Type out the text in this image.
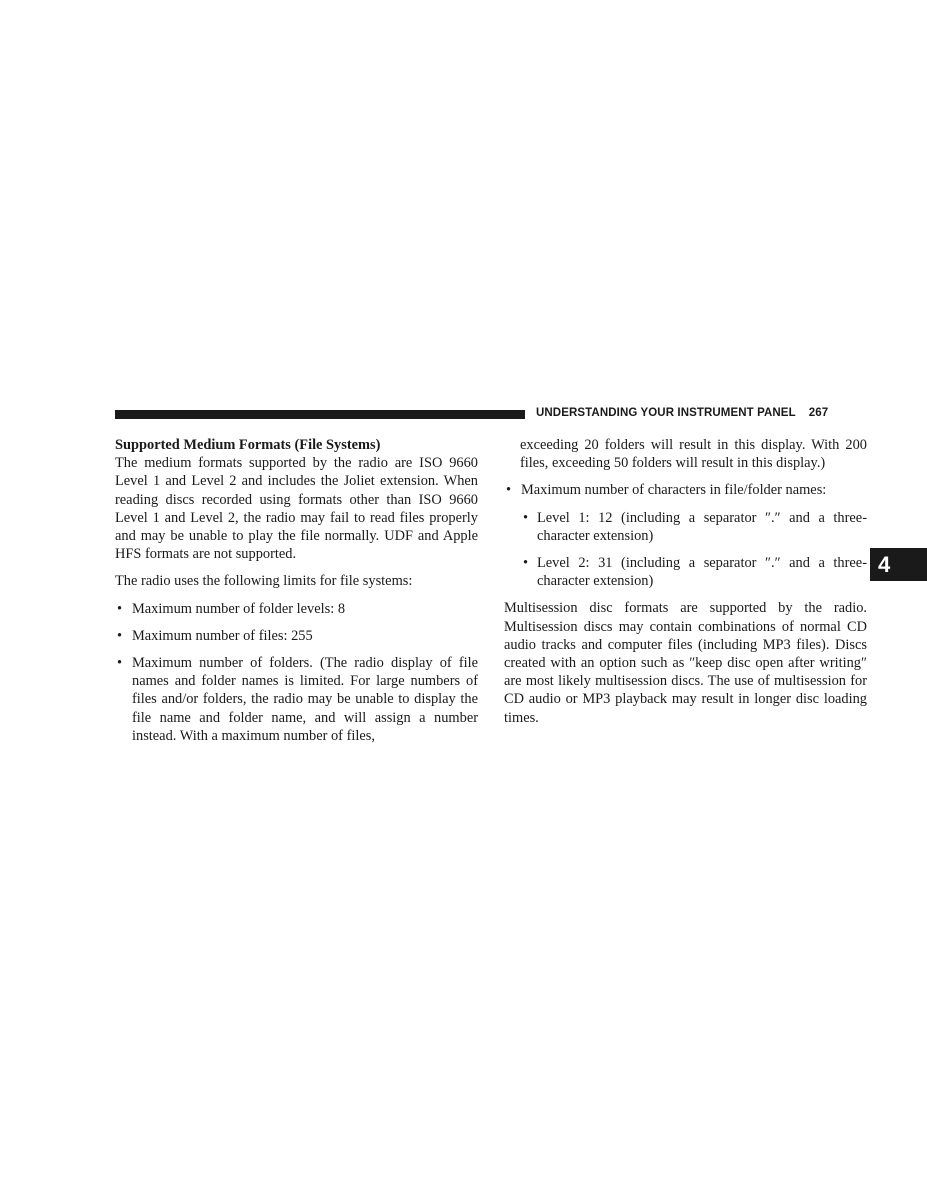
UNDERSTANDING YOUR INSTRUMENT PANEL 267
4

Supported Medium Formats (File Systems)

The medium formats supported by the radio are ISO 9660 Level 1 and Level 2 and includes the Joliet extension. When reading discs recorded using formats other than ISO 9660 Level 1 and Level 2, the radio may fail to read files properly and may be unable to play the file normally. UDF and Apple HFS formats are not supported.

The radio uses the following limits for file systems:

• Maximum number of folder levels: 8
• Maximum number of files: 255
• Maximum number of folders. (The radio display of file names and folder names is limited. For large numbers of files and/or folders, the radio may be unable to display the file name and folder name, and will assign a number instead. With a maximum number of files,

exceeding 20 folders will result in this display. With 200 files, exceeding 50 folders will result in this display.)

• Maximum number of characters in file/folder names:
• Level 1: 12 (including a separator ″.″ and a three-character extension)
• Level 2: 31 (including a separator ″.″ and a three-character extension)

Multisession disc formats are supported by the radio. Multisession discs may contain combinations of normal CD audio tracks and computer files (including MP3 files). Discs created with an option such as ″keep disc open after writing″ are most likely multisession discs. The use of multisession for CD audio or MP3 playback may result in longer disc loading times.
